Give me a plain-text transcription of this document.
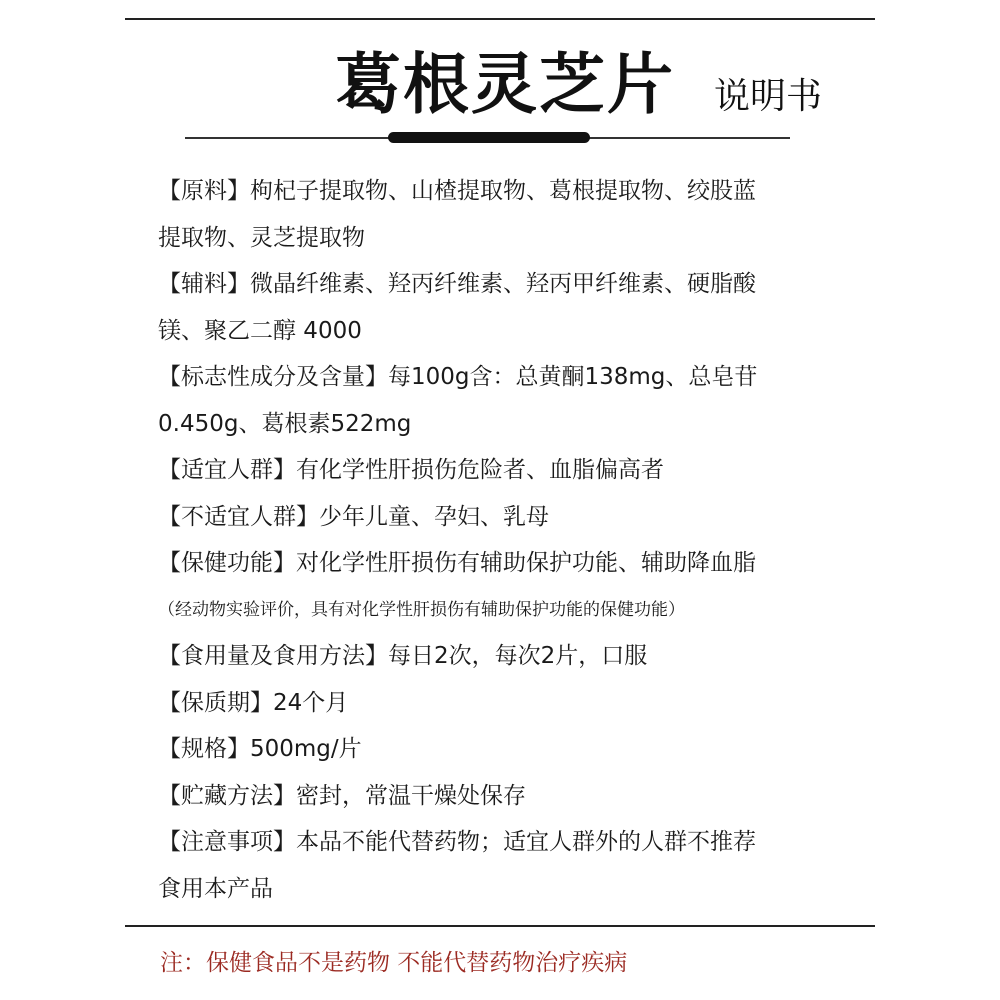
葛根灵芝片 说明书
【原料】枸杞子提取物、山楂提取物、葛根提取物、绞股蓝
提取物、灵芝提取物
【辅料】微晶纤维素、羟丙纤维素、羟丙甲纤维素、硬脂酸
镁、聚乙二醇 4000
【标志性成分及含量】每100g含：总黄酮138mg、总皂苷
0.450g、葛根素522mg
【适宜人群】有化学性肝损伤危险者、血脂偏高者
【不适宜人群】少年儿童、孕妇、乳母
【保健功能】对化学性肝损伤有辅助保护功能、辅助降血脂
（经动物实验评价，具有对化学性肝损伤有辅助保护功能的保健功能）
【食用量及食用方法】每日2次，每次2片，口服
【保质期】24个月
【规格】500mg/片
【贮藏方法】密封，常温干燥处保存
【注意事项】本品不能代替药物；适宜人群外的人群不推荐
食用本产品
注：保健食品不是药物 不能代替药物治疗疾病
